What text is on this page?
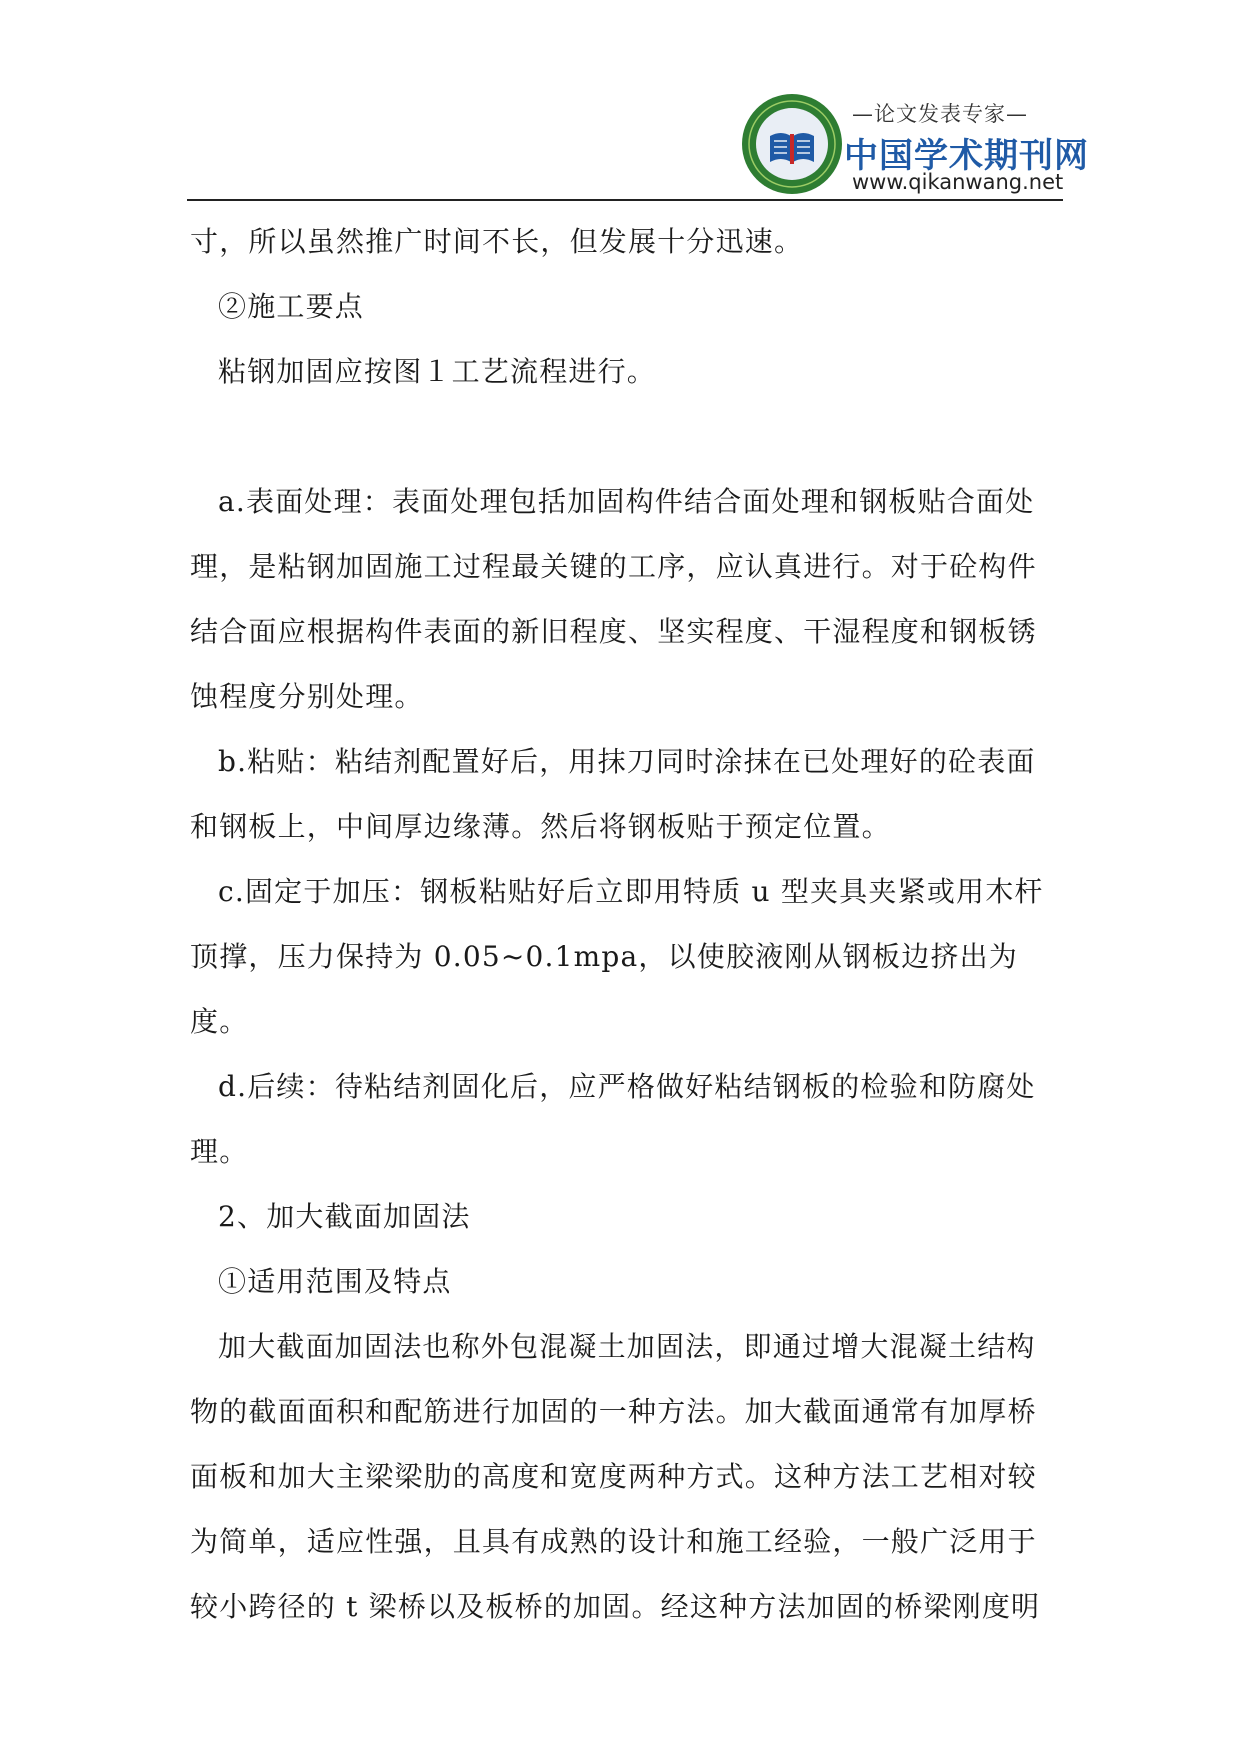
—论文发表专家—
中国学术期刊网
www.qikanwang.net

寸，所以虽然推广时间不长，但发展十分迅速。

②施工要点

粘钢加固应按图１工艺流程进行。

a.表面处理：表面处理包括加固构件结合面处理和钢板贴合面处
理，是粘钢加固施工过程最关键的工序，应认真进行。对于砼构件
结合面应根据构件表面的新旧程度、坚实程度、干湿程度和钢板锈
蚀程度分别处理。

b.粘贴：粘结剂配置好后，用抹刀同时涂抹在已处理好的砼表面
和钢板上，中间厚边缘薄。然后将钢板贴于预定位置。

c.固定于加压：钢板粘贴好后立即用特质 u 型夹具夹紧或用木杆
顶撑，压力保持为 0.05~0.1mpa，以使胶液刚从钢板边挤出为度。

d.后续：待粘结剂固化后，应严格做好粘结钢板的检验和防腐处
理。

2、加大截面加固法

①适用范围及特点

加大截面加固法也称外包混凝土加固法，即通过增大混凝土结构
物的截面面积和配筋进行加固的一种方法。加大截面通常有加厚桥
面板和加大主梁梁肋的高度和宽度两种方式。这种方法工艺相对较
为简单，适应性强，且具有成熟的设计和施工经验，一般广泛用于
较小跨径的 t 梁桥以及板桥的加固。经这种方法加固的桥梁刚度明
